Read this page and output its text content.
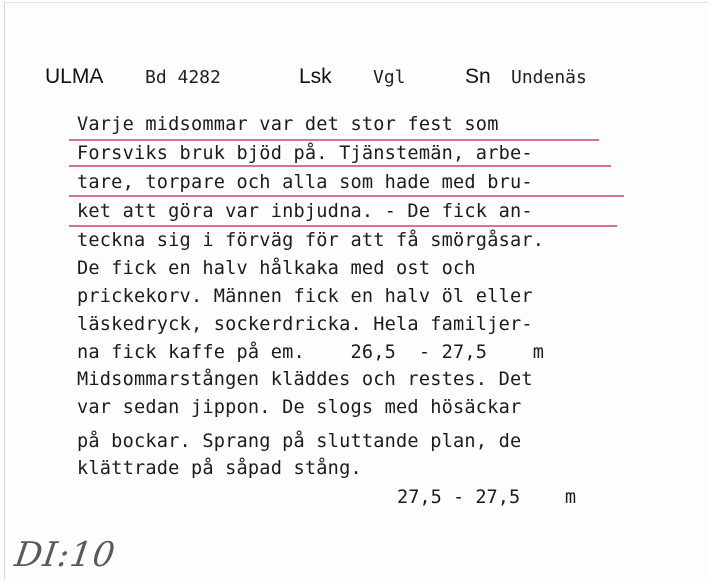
ULMA Bd 4282	Lsk Vgl	Sn Undenäs
Varje midsommar var det stor fest som
Forsviks bruk bjöd på. Tjänstemän, arbe-
tare, torpare och alla som hade med bru-
ket att göra var inbjudna. - De fick an-
teckna sig i förväg för att få smörgåsar.
De fick en halv hålkaka med ost och
prickekorv. Männen fick en halv öl eller
läskedryck, sockerdricka. Hela familjer-
na fick kaffe på em.    26,5  - 27,5    m
Midsommarstången kläddes och restes. Det
var sedan jippon. De slogs med hösäckar
på bockar. Sprang på sluttande plan, de
klättrade på såpad stång.
27,5 - 27,5    m
DI:10
